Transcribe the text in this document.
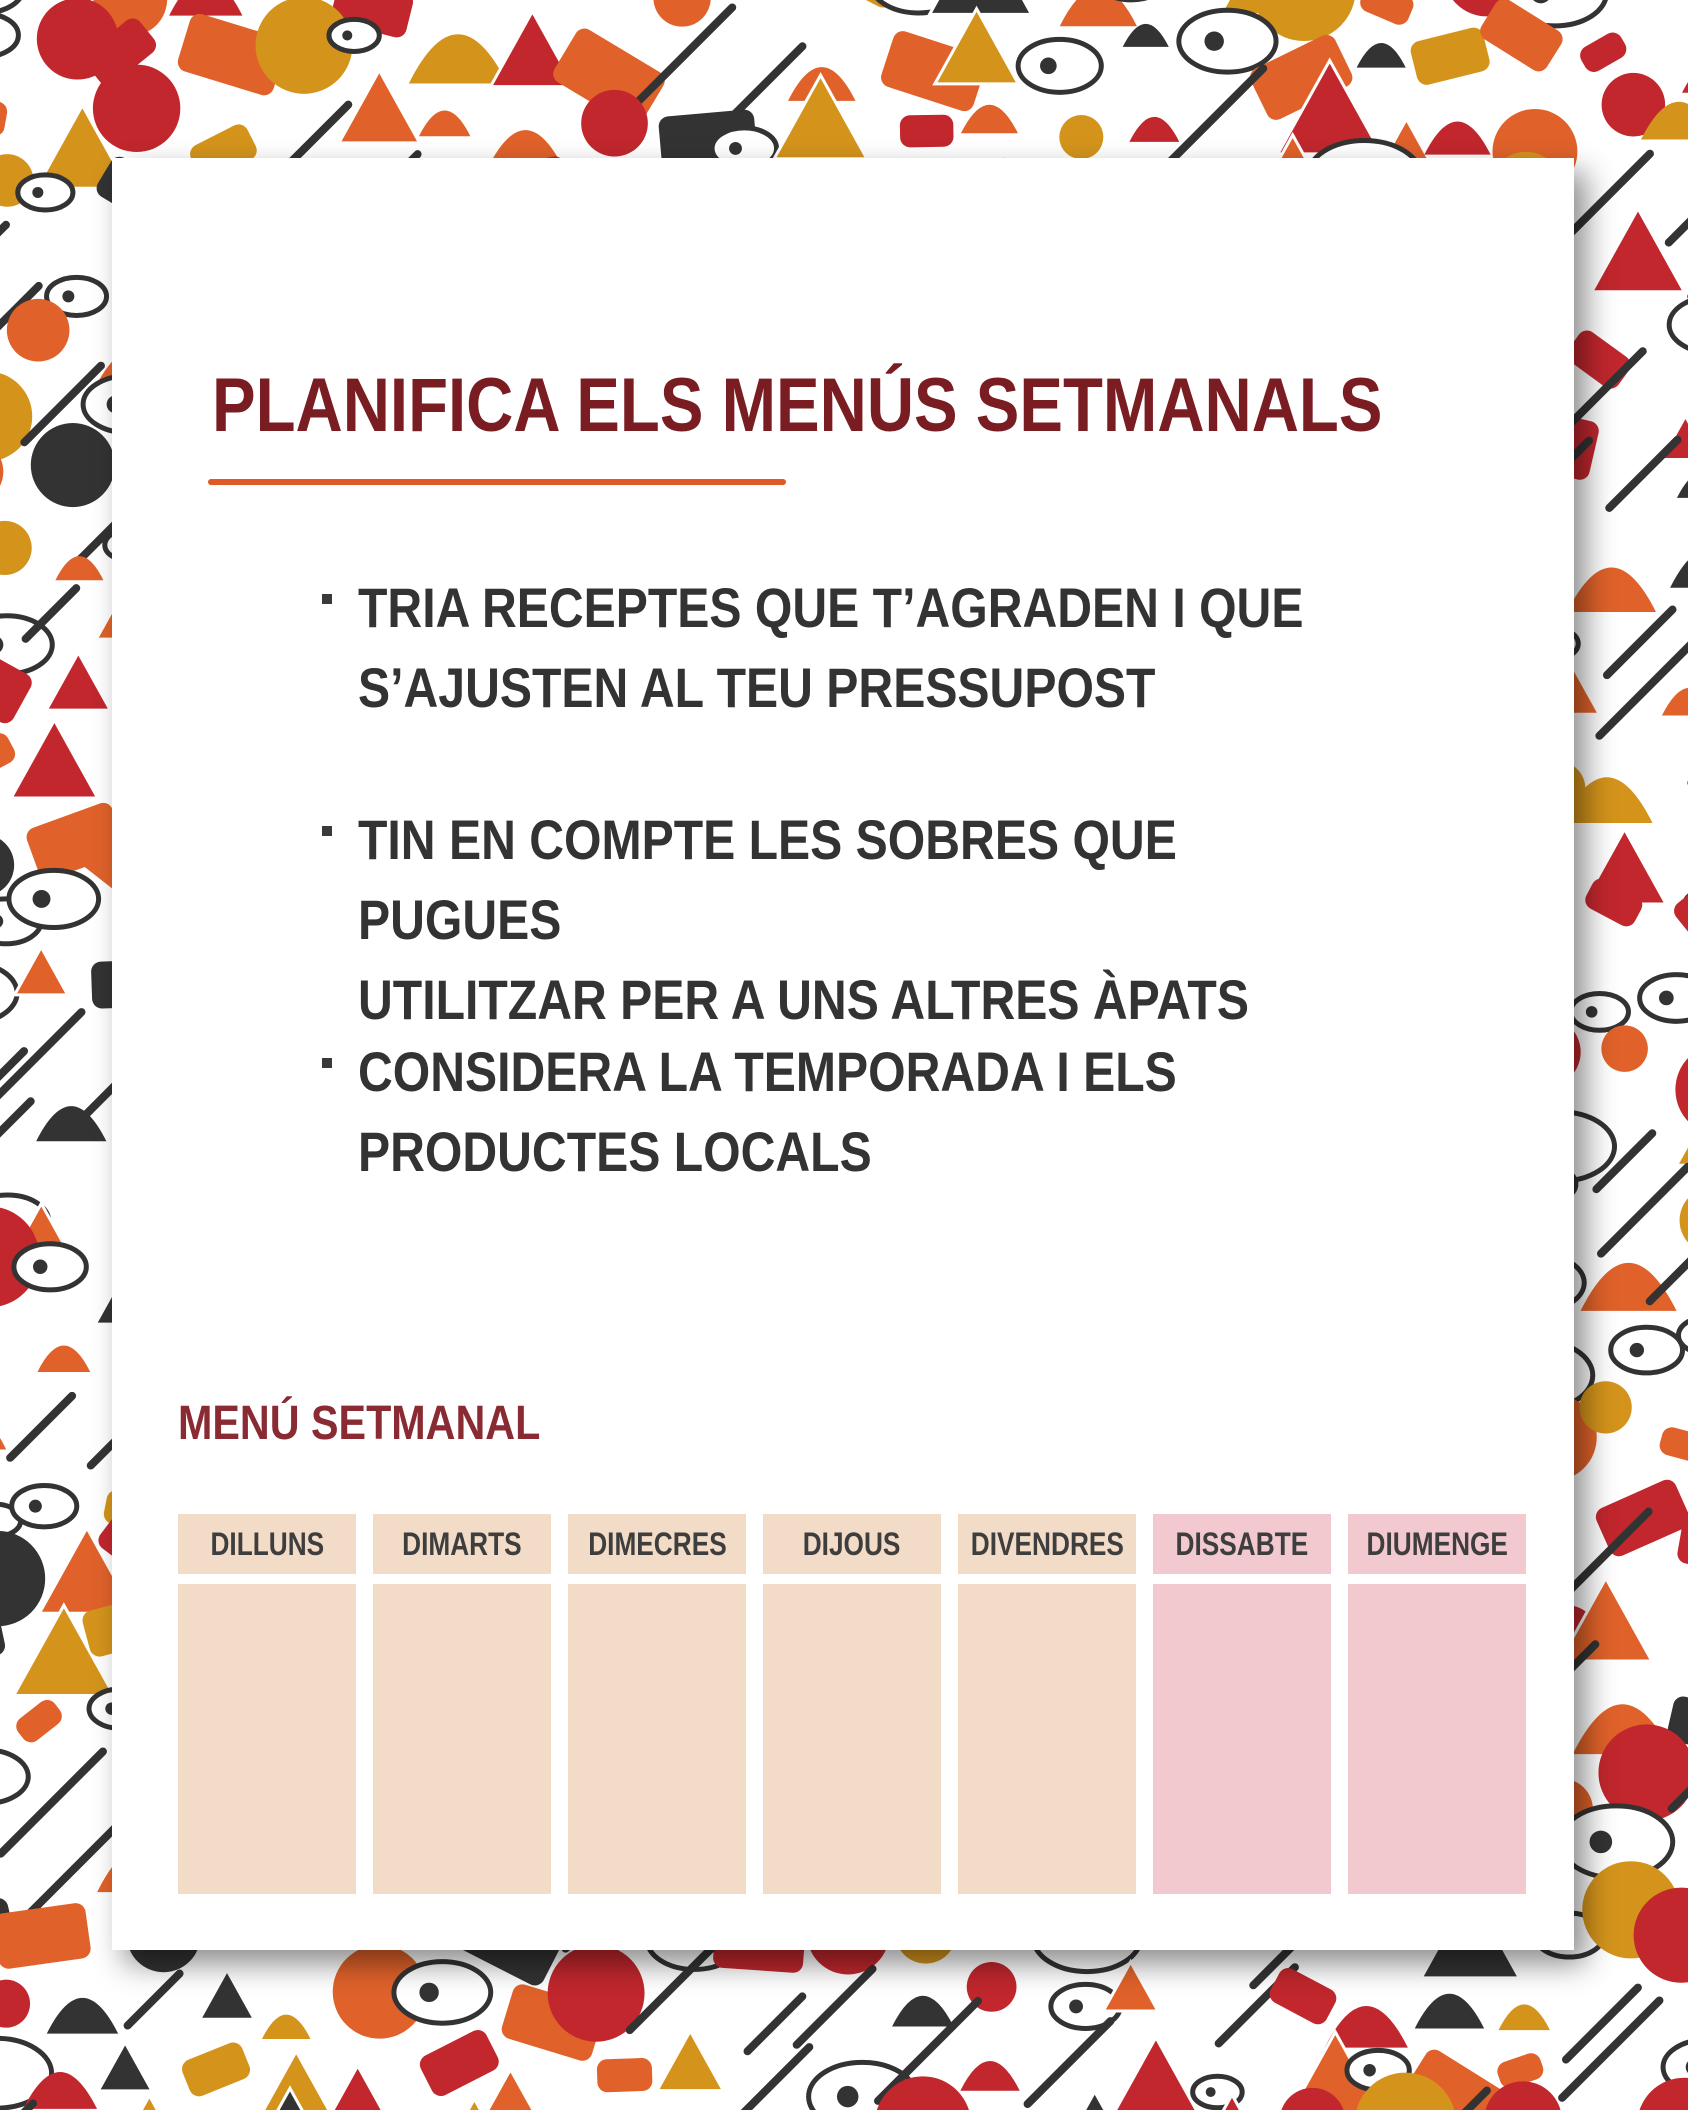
PLANIFICA ELS MENÚS SETMANALS
TRIA RECEPTES QUE T’AGRADEN I QUE
S’AJUSTEN AL TEU PRESSUPOST
TIN EN COMPTE LES SOBRES QUE PUGUES
UTILITZAR PER A UNS ALTRES ÀPATS
CONSIDERA LA TEMPORADA I ELS
PRODUCTES LOCALS
MENÚ SETMANAL
DILLUNS DIMARTS DIMECRES DIJOUS DIVENDRES DISSABTE DIUMENGE
